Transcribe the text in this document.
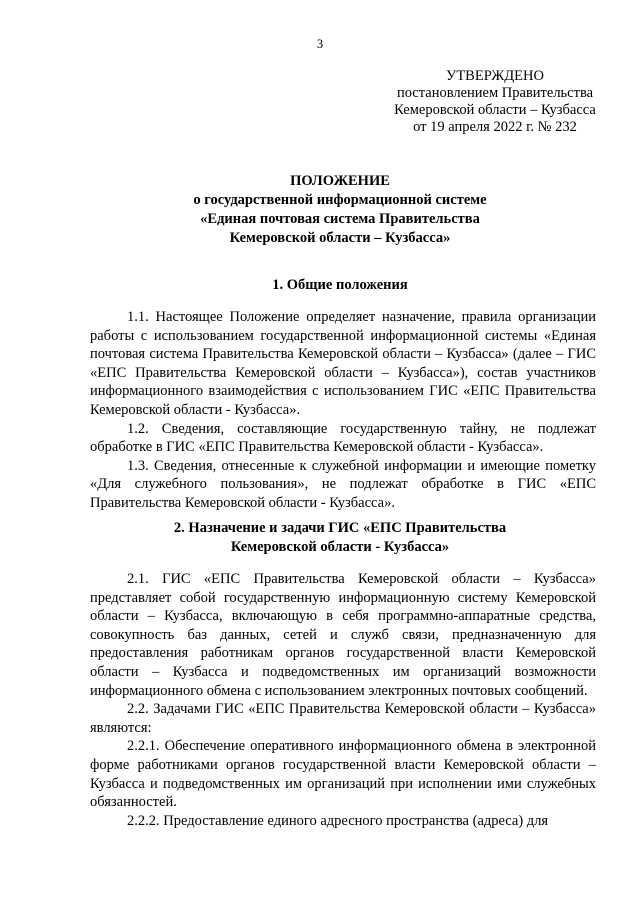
3
УТВЕРЖДЕНО
постановлением Правительства
Кемеровской области – Кузбасса
от 19 апреля 2022 г. № 232
ПОЛОЖЕНИЕ
о государственной информационной системе
«Единая почтовая система Правительства
Кемеровской области – Кузбасса»
1. Общие положения

1.1. Настоящее Положение определяет назначение, правила организации работы с использованием государственной информационной системы «Единая почтовая система Правительства Кемеровской области – Кузбасса» (далее – ГИС «ЕПС Правительства Кемеровской области – Кузбасса»), состав участников информационного взаимодействия с использованием ГИС «ЕПС Правительства Кемеровской области - Кузбасса».

1.2. Сведения, составляющие государственную тайну, не подлежат обработке в ГИС «ЕПС Правительства Кемеровской области - Кузбасса».

1.3. Сведения, отнесенные к служебной информации и имеющие пометку «Для служебного пользования», не подлежат обработке в ГИС «ЕПС Правительства Кемеровской области - Кузбасса».

2. Назначение и задачи ГИС «ЕПС Правительства
Кемеровской области - Кузбасса»

2.1. ГИС «ЕПС Правительства Кемеровской области – Кузбасса» представляет собой государственную информационную систему Кемеровской области – Кузбасса, включающую в себя программно-аппаратные средства, совокупность баз данных, сетей и служб связи, предназначенную для предоставления работникам органов государственной власти Кемеровской области – Кузбасса и подведомственных им организаций возможности информационного обмена с использованием электронных почтовых сообщений.

2.2. Задачами ГИС «ЕПС Правительства Кемеровской области – Кузбасса» являются:

2.2.1. Обеспечение оперативного информационного обмена в электронной форме работниками органов государственной власти Кемеровской области – Кузбасса и подведомственных им организаций при исполнении ими служебных обязанностей.

2.2.2. Предоставление единого адресного пространства (адреса) для
